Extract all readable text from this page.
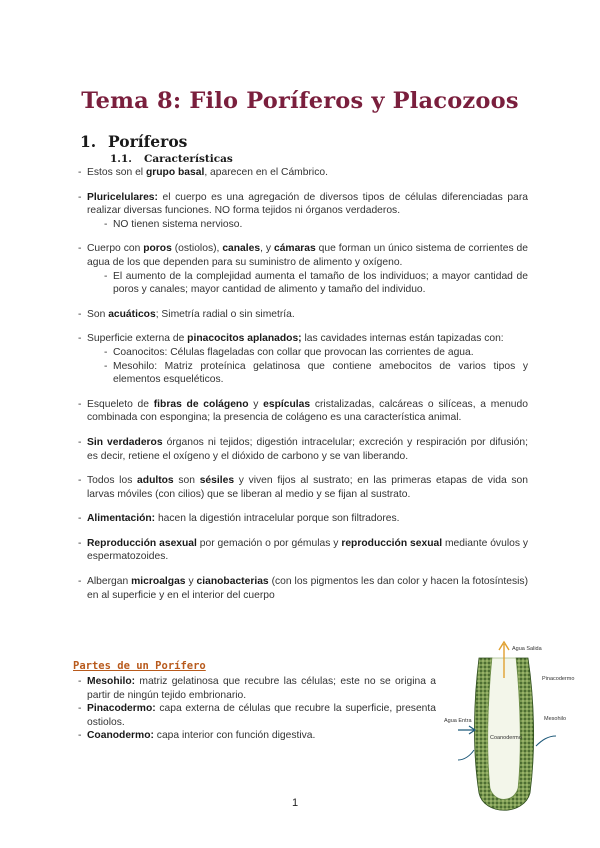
Tema 8: Filo Poríferos y Placozoos
1. Poríferos
1.1. Características
- Estos son el grupo basal, aparecen en el Cámbrico.
- Pluricelulares: el cuerpo es una agregación de diversos tipos de células diferenciadas para realizar diversas funciones. NO forma tejidos ni órganos verdaderos.
- NO tienen sistema nervioso.
- Cuerpo con poros (ostiolos), canales, y cámaras que forman un único sistema de corrientes de agua de los que dependen para su suministro de alimento y oxígeno.
- El aumento de la complejidad aumenta el tamaño de los individuos; a mayor cantidad de poros y canales; mayor cantidad de alimento y tamaño del individuo.
- Son acuáticos; Simetría radial o sin simetría.
- Superficie externa de pinacocitos aplanados; las cavidades internas están tapizadas con:
- Coanocitos: Células flageladas con collar que provocan las corrientes de agua.
- Mesohilo: Matriz proteínica gelatinosa que contiene amebocitos de varios tipos y elementos esqueléticos.
- Esqueleto de fibras de colágeno y espículas cristalizadas, calcáreas o silíceas, a menudo combinada con espongina; la presencia de colágeno es una característica animal.
- Sin verdaderos órganos ni tejidos; digestión intracelular; excreción y respiración por difusión; es decir, retiene el oxígeno y el dióxido de carbono y se van liberando.
- Todos los adultos son sésiles y viven fijos al sustrato; en las primeras etapas de vida son larvas móviles (con cilios) que se liberan al medio y se fijan al sustrato.
- Alimentación: hacen la digestión intracelular porque son filtradores.
- Reproducción asexual por gemación o por gémulas y reproducción sexual mediante óvulos y espermatozoides.
- Albergan microalgas y cianobacterias (con los pigmentos les dan color y hacen la fotosíntesis) en al superficie y en el interior del cuerpo
Partes de un Porífero
- Mesohilo: matriz gelatinosa que recubre las células; este no se origina a partir de ningún tejido embrionario.
- Pinacodermo: capa externa de células que recubre la superficie, presenta ostiolos.
- Coanodermo: capa interior con función digestiva.
Agua Salida
Pinacodermo
Agua Entra	Mesohilo
Coanodermo
1
